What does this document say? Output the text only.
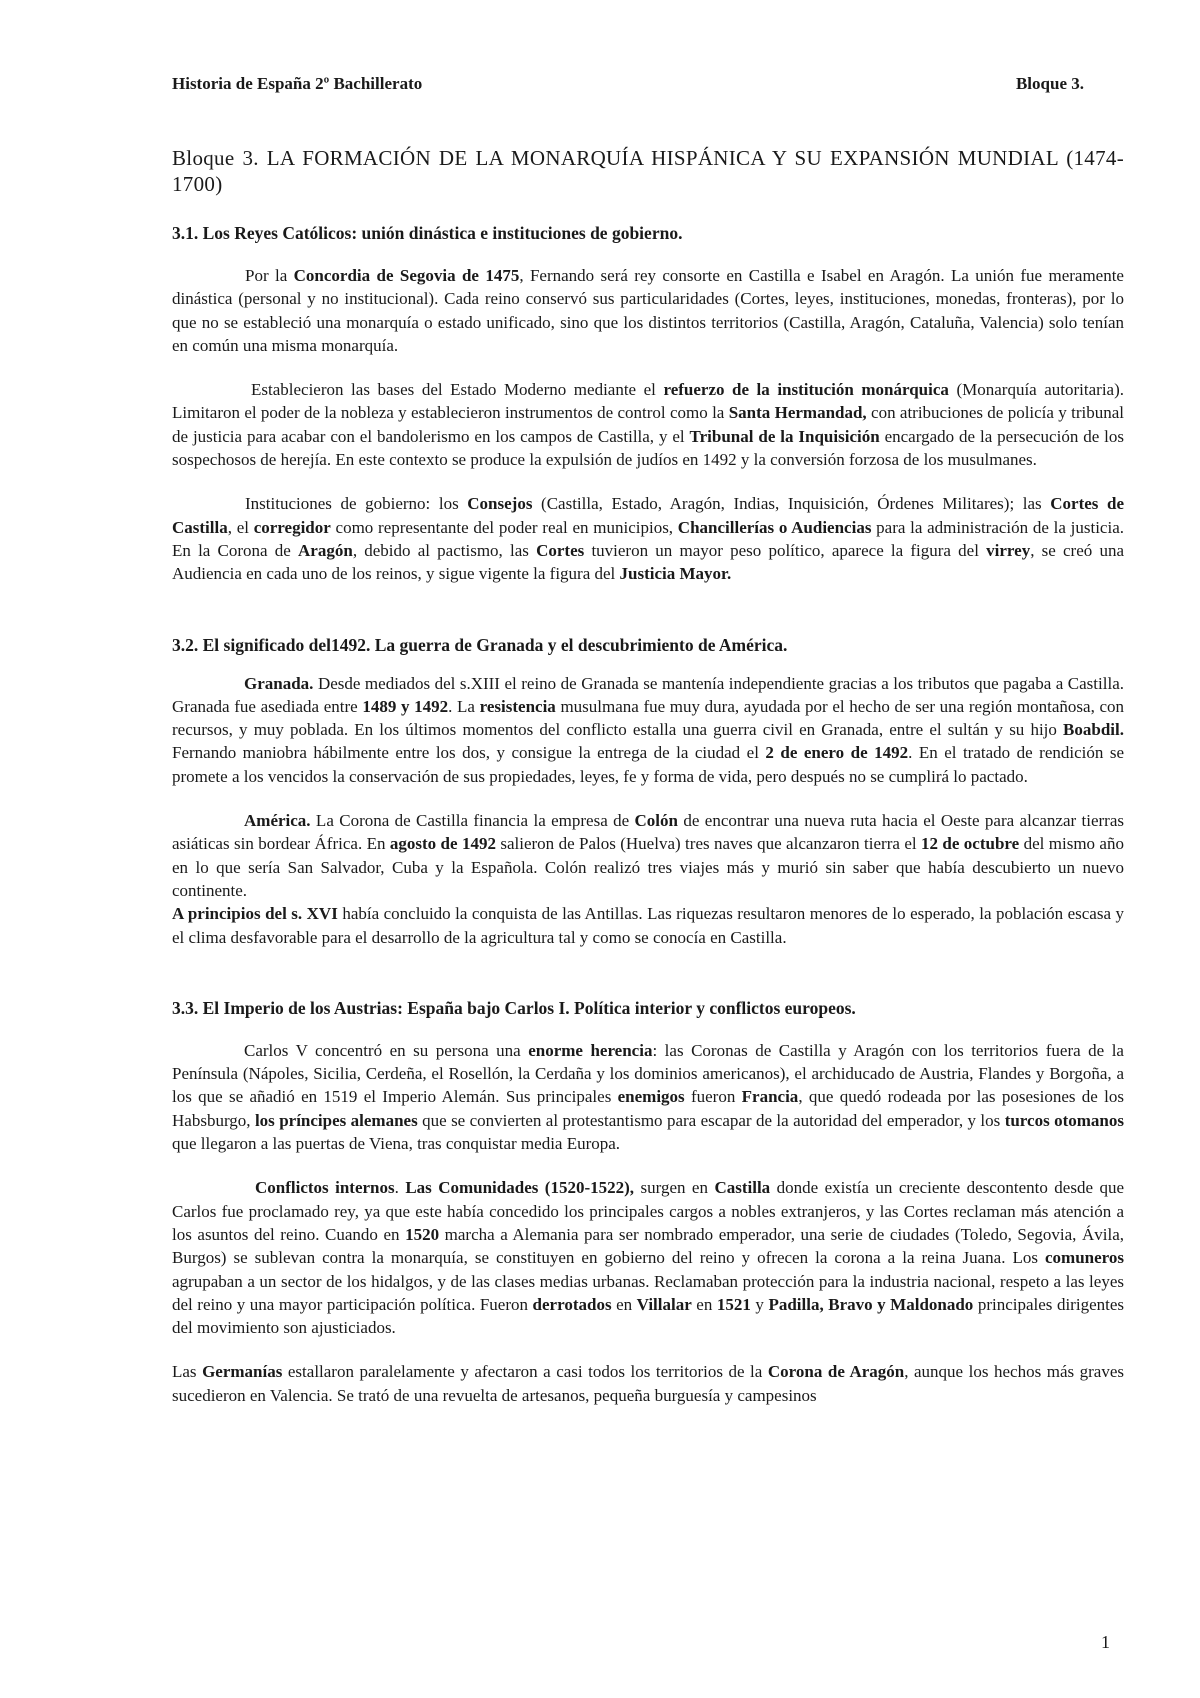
Historia de España 2º Bachillerato	Bloque 3.
Bloque 3. LA FORMACIÓN DE LA MONARQUÍA HISPÁNICA Y SU EXPANSIÓN MUNDIAL (1474-1700)
3.1. Los Reyes Católicos: unión dinástica e instituciones de gobierno.

Por la Concordia de Segovia de 1475, Fernando será rey consorte en Castilla e Isabel en Aragón. La unión fue meramente dinástica (personal y no institucional). Cada reino conservó sus particularidades (Cortes, leyes, instituciones, monedas, fronteras), por lo que no se estableció una monarquía o estado unificado, sino que los distintos territorios (Castilla, Aragón, Cataluña, Valencia) solo tenían en común una misma monarquía.

Establecieron las bases del Estado Moderno mediante el refuerzo de la institución monárquica (Monarquía autoritaria). Limitaron el poder de la nobleza y establecieron instrumentos de control como la Santa Hermandad, con atribuciones de policía y tribunal de justicia para acabar con el bandolerismo en los campos de Castilla, y el Tribunal de la Inquisición encargado de la persecución de los sospechosos de herejía. En este contexto se produce la expulsión de judíos en 1492 y la conversión forzosa de los musulmanes.

Instituciones de gobierno: los Consejos (Castilla, Estado, Aragón, Indias, Inquisición, Órdenes Militares); las Cortes de Castilla, el corregidor como representante del poder real en municipios, Chancillerías o Audiencias para la administración de la justicia. En la Corona de Aragón, debido al pactismo, las Cortes tuvieron un mayor peso político, aparece la figura del virrey, se creó una Audiencia en cada uno de los reinos, y sigue vigente la figura del Justicia Mayor.

3.2. El significado del1492. La guerra de Granada y el descubrimiento de América.

Granada. Desde mediados del s.XIII el reino de Granada se mantenía independiente gracias a los tributos que pagaba a Castilla. Granada fue asediada entre 1489 y 1492. La resistencia musulmana fue muy dura, ayudada por el hecho de ser una región montañosa, con recursos, y muy poblada. En los últimos momentos del conflicto estalla una guerra civil en Granada, entre el sultán y su hijo Boabdil. Fernando maniobra hábilmente entre los dos, y consigue la entrega de la ciudad el 2 de enero de 1492. En el tratado de rendición se promete a los vencidos la conservación de sus propiedades, leyes, fe y forma de vida, pero después no se cumplirá lo pactado.

América. La Corona de Castilla financia la empresa de Colón de encontrar una nueva ruta hacia el Oeste para alcanzar tierras asiáticas sin bordear África. En agosto de 1492 salieron de Palos (Huelva) tres naves que alcanzaron tierra el 12 de octubre del mismo año en lo que sería San Salvador, Cuba y la Española. Colón realizó tres viajes más y murió sin saber que había descubierto un nuevo continente.

A principios del s. XVI había concluido la conquista de las Antillas. Las riquezas resultaron menores de lo esperado, la población escasa y el clima desfavorable para el desarrollo de la agricultura tal y como se conocía en Castilla.

3.3. El Imperio de los Austrias: España bajo Carlos I. Política interior y conflictos europeos.

Carlos V concentró en su persona una enorme herencia: las Coronas de Castilla y Aragón con los territorios fuera de la Península (Nápoles, Sicilia, Cerdeña, el Rosellón, la Cerdaña y los dominios americanos), el archiducado de Austria, Flandes y Borgoña, a los que se añadió en 1519 el Imperio Alemán. Sus principales enemigos fueron Francia, que quedó rodeada por las posesiones de los Habsburgo, los príncipes alemanes que se convierten al protestantismo para escapar de la autoridad del emperador, y los turcos otomanos que llegaron a las puertas de Viena, tras conquistar media Europa.

Conflictos internos. Las Comunidades (1520-1522), surgen en Castilla donde existía un creciente descontento desde que Carlos fue proclamado rey, ya que este había concedido los principales cargos a nobles extranjeros, y las Cortes reclaman más atención a los asuntos del reino. Cuando en 1520 marcha a Alemania para ser nombrado emperador, una serie de ciudades (Toledo, Segovia, Ávila, Burgos) se sublevan contra la monarquía, se constituyen en gobierno del reino y ofrecen la corona a la reina Juana. Los comuneros agrupaban a un sector de los hidalgos, y de las clases medias urbanas. Reclamaban protección para la industria nacional, respeto a las leyes del reino y una mayor participación política. Fueron derrotados en Villalar en 1521 y Padilla, Bravo y Maldonado principales dirigentes del movimiento son ajusticiados.

Las Germanías estallaron paralelamente y afectaron a casi todos los territorios de la Corona de Aragón, aunque los hechos más graves sucedieron en Valencia. Se trató de una revuelta de artesanos, pequeña burguesía y campesinos

1
